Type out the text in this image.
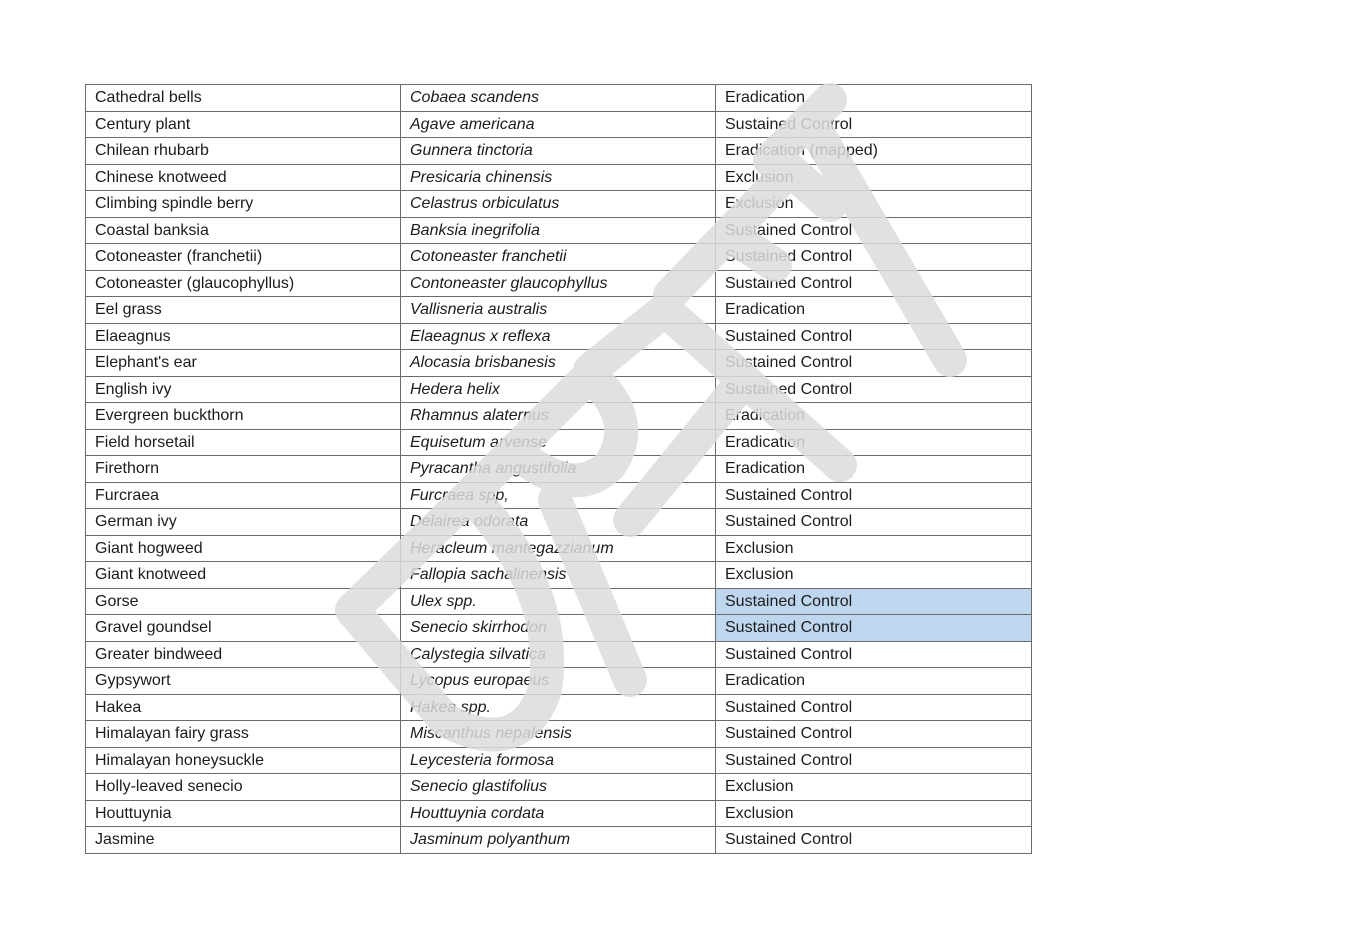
Cathedral bells	Cobaea scandens	Eradication
Century plant	Agave americana	Sustained Control
Chilean rhubarb	Gunnera tinctoria	Eradication (mapped)
Chinese knotweed	Presicaria chinensis	Exclusion
Climbing spindle berry	Celastrus orbiculatus	Exclusion
Coastal banksia	Banksia inegrifolia	Sustained Control
Cotoneaster (franchetii)	Cotoneaster franchetii	Sustained Control
Cotoneaster (glaucophyllus)	Contoneaster glaucophyllus	Sustained Control
Eel grass	Vallisneria australis	Eradication
Elaeagnus	Elaeagnus x reflexa	Sustained Control
Elephant's ear	Alocasia brisbanesis	Sustained Control
English ivy	Hedera helix	Sustained Control
Evergreen buckthorn	Rhamnus alaternus	Eradication
Field horsetail	Equisetum arvense	Eradication
Firethorn	Pyracantha angustifolia	Eradication
Furcraea	Furcraea spp,	Sustained Control
German ivy	Delairea odorata	Sustained Control
Giant hogweed	Heracleum mantegazzianum	Exclusion
Giant knotweed	Fallopia sachalinensis	Exclusion
Gorse	Ulex spp.	Sustained Control
Gravel goundsel	Senecio skirrhodon	Sustained Control
Greater bindweed	Calystegia silvatica	Sustained Control
Gypsywort	Lycopus europaeus	Eradication
Hakea	Hakea spp.	Sustained Control
Himalayan fairy grass	Miscanthus nepalensis	Sustained Control
Himalayan honeysuckle	Leycesteria formosa	Sustained Control
Holly-leaved senecio	Senecio glastifolius	Exclusion
Houttuynia	Houttuynia cordata	Exclusion
Jasmine	Jasminum polyanthum	Sustained Control
